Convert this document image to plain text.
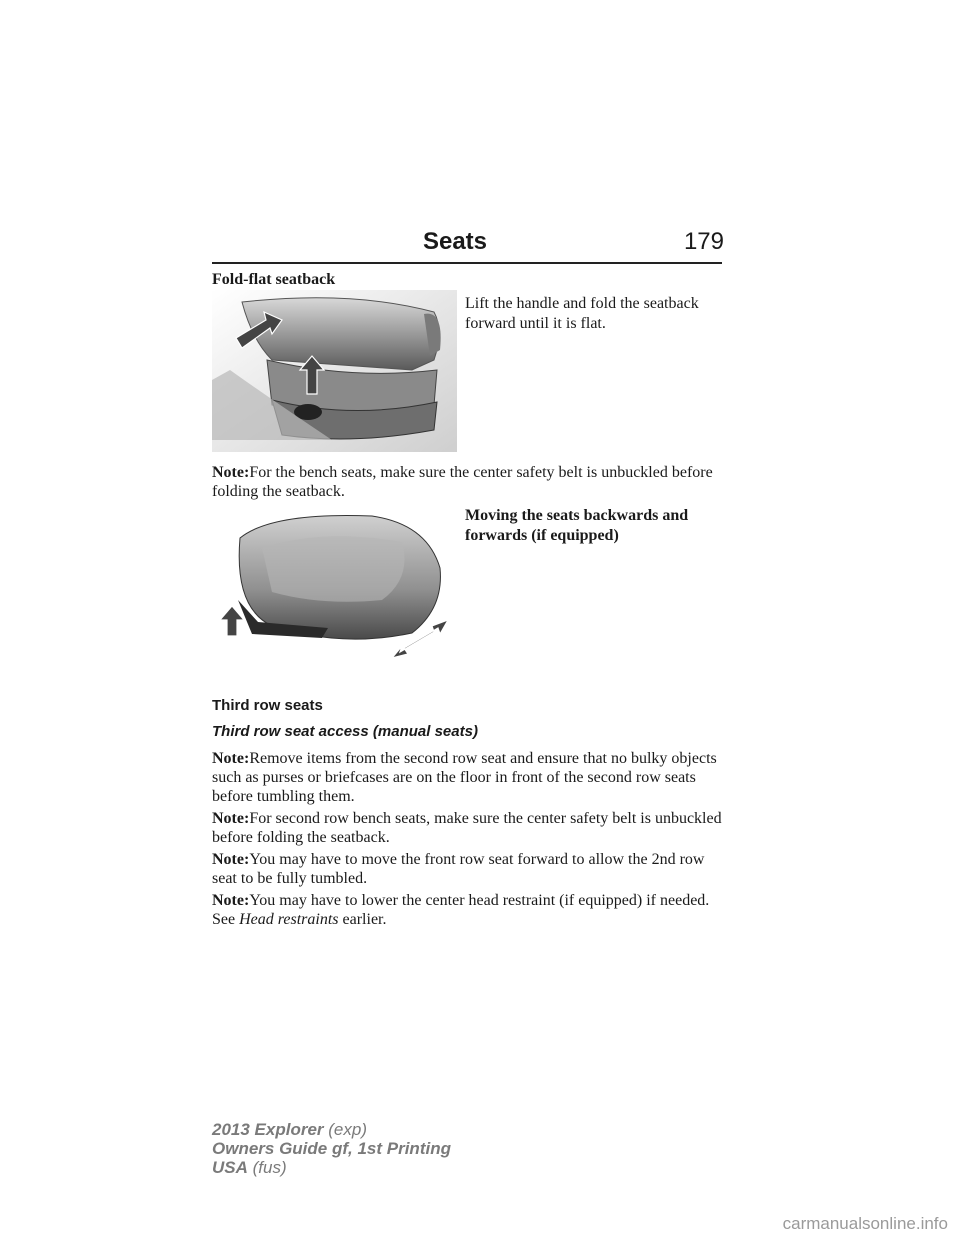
Seats	179
Fold-flat seatback
Lift the handle and fold the seatback
forward until it is flat.
Note:For the bench seats, make sure the center safety belt is unbuckled before folding the seatback.
Moving the seats backwards and
forwards (if equipped)
Third row seats
Third row seat access (manual seats)
Note:Remove items from the second row seat and ensure that no bulky objects such as purses or briefcases are on the floor in front of the second row seats before tumbling them.
Note:For second row bench seats, make sure the center safety belt is unbuckled before folding the seatback.
Note:You may have to move the front row seat forward to allow the 2nd row seat to be fully tumbled.
Note:You may have to lower the center head restraint (if equipped) if needed. See Head restraints earlier.
2013 Explorer (exp)
Owners Guide gf, 1st Printing
USA (fus)
carmanualsonline.info
